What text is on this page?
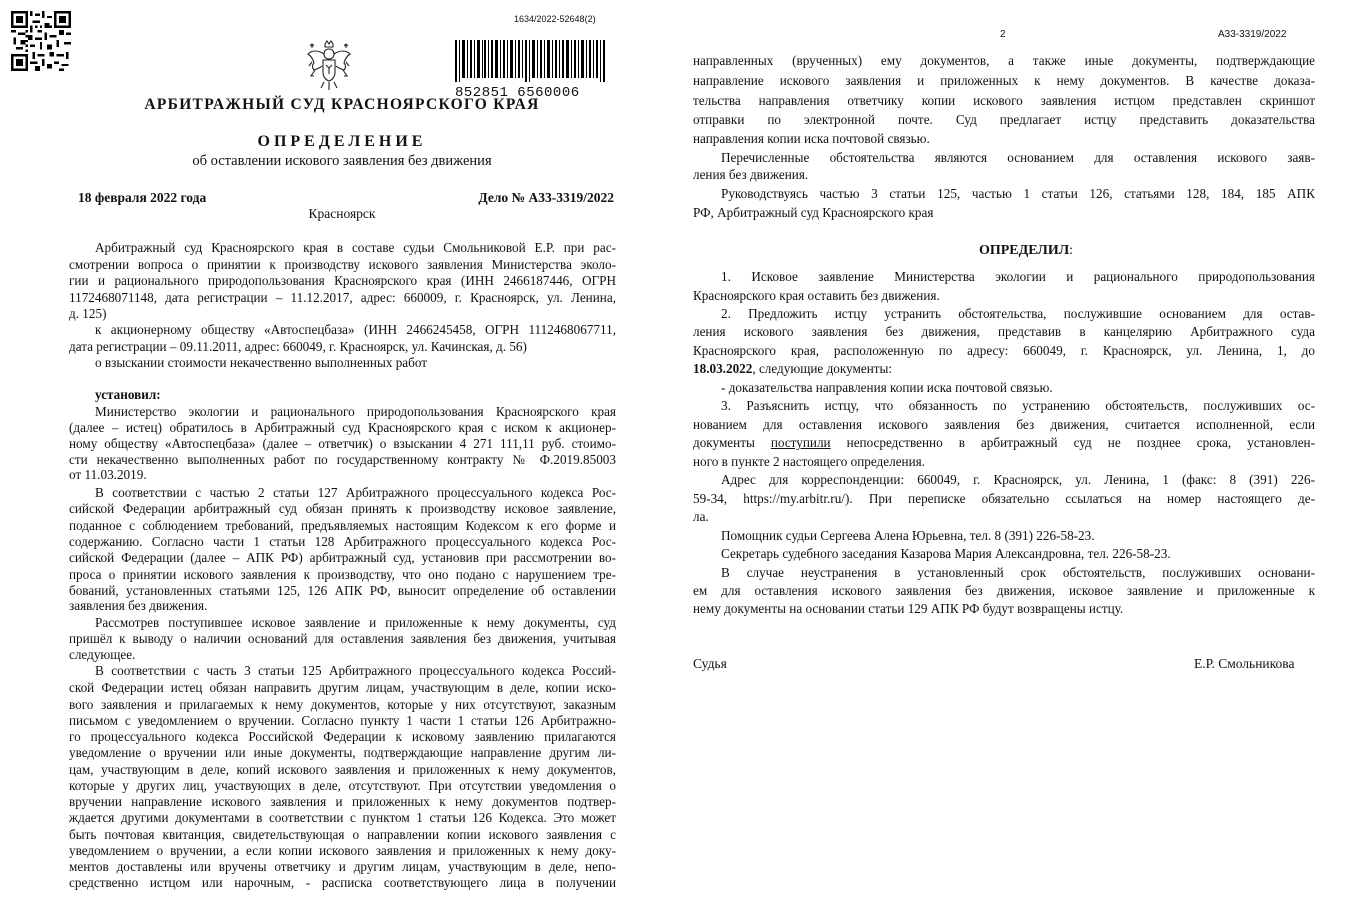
1634/2022-52648(2)
852851 6560006
АРБИТРАЖНЫЙ СУД КРАСНОЯРСКОГО КРАЯ
ОПРЕДЕЛЕНИЕ
об оставлении искового заявления без движения
18 февраля 2022 года	Дело № А33-3319/2022
Красноярск
Арбитражный суд Красноярского края в составе судьи Смольниковой Е.Р. при рас-
смотрении вопроса о принятии к производству искового заявления Министерства эколо-
гии и рационального природопользования Красноярского края (ИНН 2466187446, ОГРН
1172468071148, дата регистрации – 11.12.2017, адрес: 660009, г. Красноярск, ул. Ленина,
д. 125)
к акционерному обществу «Автоспецбаза» (ИНН 2466245458, ОГРН 1112468067711,
дата регистрации – 09.11.2011, адрес: 660049, г. Красноярск, ул. Качинская, д. 56)
о взыскании стоимости некачественно выполненных работ
установил:
Министерство экологии и рационального природопользования Красноярского края
(далее – истец) обратилось в Арбитражный суд Красноярского края с иском к акционер-
ному обществу «Автоспецбаза» (далее – ответчик) о взыскании 4 271 111,11 руб. стоимо-
сти некачественно выполненных работ по государственному контракту № Ф.2019.85003
от 11.03.2019.
В соответствии с частью 2 статьи 127 Арбитражного процессуального кодекса Рос-
сийской Федерации арбитражный суд обязан принять к производству исковое заявление,
поданное с соблюдением требований, предъявляемых настоящим Кодексом к его форме и
содержанию. Согласно части 1 статьи 128 Арбитражного процессуального кодекса Рос-
сийской Федерации (далее – АПК РФ) арбитражный суд, установив при рассмотрении во-
проса о принятии искового заявления к производству, что оно подано с нарушением тре-
бований, установленных статьями 125, 126 АПК РФ, выносит определение об оставлении
заявления без движения.
Рассмотрев поступившее исковое заявление и приложенные к нему документы, суд
пришёл к выводу о наличии оснований для оставления заявления без движения, учитывая
следующее.
В соответствии с часть 3 статьи 125 Арбитражного процессуального кодекса Россий-
ской Федерации истец обязан направить другим лицам, участвующим в деле, копии иско-
вого заявления и прилагаемых к нему документов, которые у них отсутствуют, заказным
письмом с уведомлением о вручении. Согласно пункту 1 части 1 статьи 126 Арбитражно-
го процессуального кодекса Российской Федерации к исковому заявлению прилагаются
уведомление о вручении или иные документы, подтверждающие направление другим ли-
цам, участвующим в деле, копий искового заявления и приложенных к нему документов,
которые у других лиц, участвующих в деле, отсутствуют. При отсутствии уведомления о
вручении направление искового заявления и приложенных к нему документов подтвер-
ждается другими документами в соответствии с пунктом 1 статьи 126 Кодекса. Это может
быть почтовая квитанция, свидетельствующая о направлении копии искового заявления с
уведомлением о вручении, а если копии искового заявления и приложенных к нему доку-
ментов доставлены или вручены ответчику и другим лицам, участвующим в деле, непо-
средственно истцом или нарочным, - расписка соответствующего лица в получении
2	А33-3319/2022
направленных (врученных) ему документов, а также иные документы, подтверждающие
направление искового заявления и приложенных к нему документов. В качестве доказа-
тельства направления ответчику копии искового заявления истцом представлен скриншот
отправки по электронной почте. Суд предлагает истцу представить доказательства
направления копии иска почтовой связью.
Перечисленные обстоятельства являются основанием для оставления искового заяв-
ления без движения.
Руководствуясь частью 3 статьи 125, частью 1 статьи 126, статьями 128, 184, 185 АПК
РФ, Арбитражный суд Красноярского края
ОПРЕДЕЛИЛ:
1. Исковое заявление Министерства экологии и рационального природопользования
Красноярского края оставить без движения.
2. Предложить истцу устранить обстоятельства, послужившие основанием для остав-
ления искового заявления без движения, представив в канцелярию Арбитражного суда
Красноярского края, расположенную по адресу: 660049, г. Красноярск, ул. Ленина, 1, до
18.03.2022, следующие документы:
- доказательства направления копии иска почтовой связью.
3. Разъяснить истцу, что обязанность по устранению обстоятельств, послуживших ос-
нованием для оставления искового заявления без движения, считается исполненной, если
документы поступили непосредственно в арбитражный суд не позднее срока, установлен-
ного в пункте 2 настоящего определения.
Адрес для корреспонденции: 660049, г. Красноярск, ул. Ленина, 1 (факс: 8 (391) 226-
59-34, https://my.arbitr.ru/). При переписке обязательно ссылаться на номер настоящего де-
ла.
Помощник судьи Сергеева Алена Юрьевна, тел. 8 (391) 226-58-23.
Секретарь судебного заседания Казарова Мария Александровна, тел. 226-58-23.
В случае неустранения в установленный срок обстоятельств, послуживших основани-
ем для оставления искового заявления без движения, исковое заявление и приложенные к
нему документы на основании статьи 129 АПК РФ будут возвращены истцу.
Судья	Е.Р. Смольникова
